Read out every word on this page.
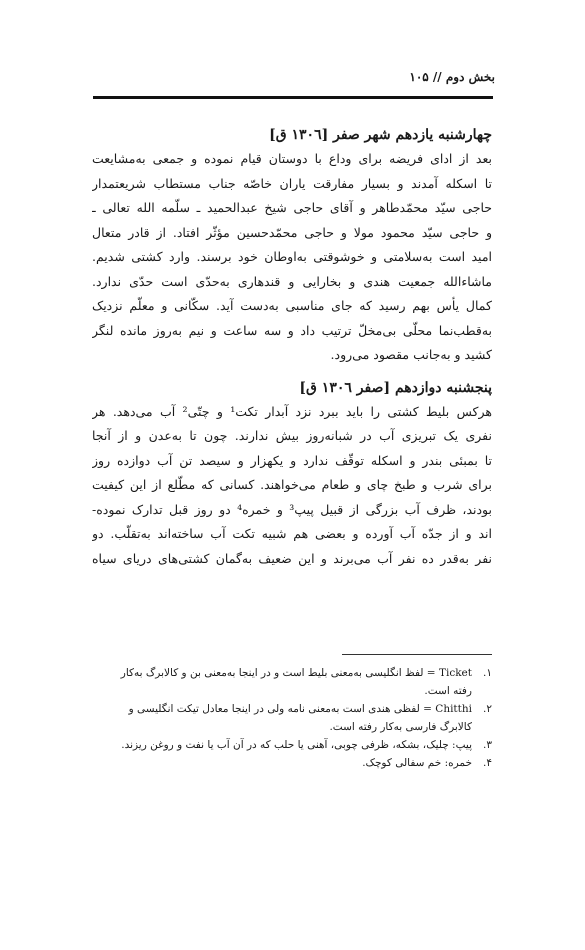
بخش دوم // ۱۰۵
چهارشنبه یازدهم شهر صفر [۱۳۰٦ ق]

بعد از ادای فریضه برای وداع با دوستان قیام نموده و جمعی به‌مشایعت
تا اسکله آمدند و بسیار مفارقت یاران خاصّه جناب مستطاب شریعتمدار
حاجی سیّد محمّدطاهر و آقای حاجی شیخ عبدالحمید ـ سلّمه الله تعالی ـ
و حاجی سیّد محمود مولا و حاجی محمّدحسین مؤثّر افتاد. از قادر متعال
امید است به‌سلامتی و خوشوقتی به‌اوطان خود برسند. وارد کشتی شدیم.
ماشاءالله جمعیت هندی و بخارایی و قندهاری به‌حدّی است حدّی ندارد.
کمال یأس بهم رسید که جای مناسبی به‌دست آید. سکّانی و معلّم نزدیک
به‌قطب‌نما محلّی بی‌مخلّ ترتیب داد و سه ساعت و نیم به‌روز مانده لنگر
کشید و به‌جانب مقصود می‌رود.

پنجشنبه دوازدهم [صفر ۱۳۰٦ ق]

هرکس بلیط کشتی را باید ببرد نزد آبدار تکت¹ و چتّی² آب می‌دهد. هر
نفری یک تبریزی آب در شبانه‌روز بیش ندارند. چون تا به‌عدن و از آنجا
تا بمبئی بندر و اسکله توقّف ندارد و یکهزار و سیصد تن آب دوازده روز
برای شرب و طبخ چای و طعام می‌خواهند. کسانی که مطّلع از این کیفیت
بودند، ظرف آب بزرگی از قبیل پیپ³ و خمره⁴ دو روز قبل تدارک نموده-
اند و از جدّه آب آورده و بعضی هم شبیه تکت آب ساخته‌اند به‌تقلّب. دو
نفر به‌قدر ده نفر آب می‌برند و این ضعیف به‌گمان کشتی‌های دریای سیاه

۱.
Ticket = لفظ انگلیسی به‌معنی بلیط است و در اینجا به‌معنی بن و کالابرگ به‌کار
رفته است.
۲.
Chitthi = لفظی هندی است به‌معنی نامه ولی در اینجا معادل تیکت انگلیسی و
کالابرگ فارسی به‌کار رفته است.
۳.
پیپ: چلیک، بشکه، ظرفی چوبی، آهنی یا حلب که در آن آب یا نفت و روغن ریزند.
۴.
خمره: خم سفالی کوچک.
